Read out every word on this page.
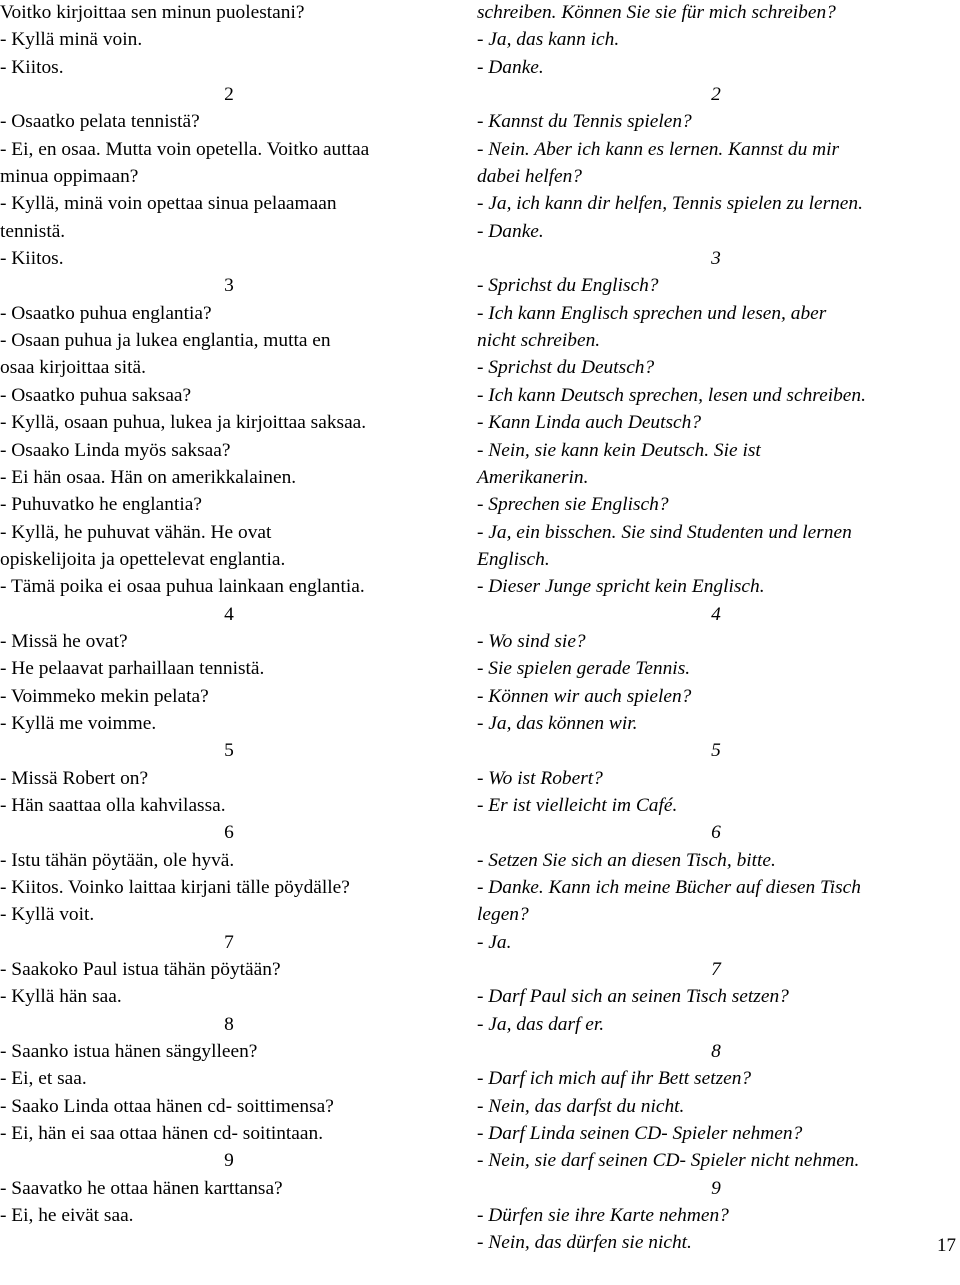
Voitko kirjoittaa sen minun puolestani?
- Kyllä minä voin.
- Kiitos.
2
- Osaatko pelata tennistä?
- Ei, en osaa. Mutta voin opetella. Voitko auttaa
minua oppimaan?
- Kyllä, minä voin opettaa sinua pelaamaan
tennistä.
- Kiitos.
3
- Osaatko puhua englantia?
- Osaan puhua ja lukea englantia, mutta en
osaa kirjoittaa sitä.
- Osaatko puhua saksaa?
- Kyllä, osaan puhua, lukea ja kirjoittaa saksaa.
- Osaako Linda myös saksaa?
- Ei hän osaa. Hän on amerikkalainen.
- Puhuvatko he englantia?
- Kyllä, he puhuvat vähän. He ovat
opiskelijoita ja opettelevat englantia.
- Tämä poika ei osaa puhua lainkaan englantia.
4
- Missä he ovat?
- He pelaavat parhaillaan tennistä.
- Voimmeko mekin pelata?
- Kyllä me voimme.
5
- Missä Robert on?
- Hän saattaa olla kahvilassa.
6
- Istu tähän pöytään, ole hyvä.
- Kiitos. Voinko laittaa kirjani tälle pöydälle?
- Kyllä voit.
7
- Saakoko Paul istua tähän pöytään?
- Kyllä hän saa.
8
- Saanko istua hänen sängylleen?
- Ei, et saa.
- Saako Linda ottaa hänen cd- soittimensa?
- Ei, hän ei saa ottaa hänen cd- soitintaan.
9
- Saavatko he ottaa hänen karttansa?
- Ei, he eivät saa.
schreiben. Können Sie sie für mich schreiben?
- Ja, das kann ich.
- Danke.
2
- Kannst du Tennis spielen?
- Nein. Aber ich kann es lernen. Kannst du mir
dabei helfen?
- Ja, ich kann dir helfen, Tennis spielen zu lernen.
- Danke.
3
- Sprichst du Englisch?
- Ich kann Englisch sprechen und lesen, aber
nicht schreiben.
- Sprichst du Deutsch?
- Ich kann Deutsch sprechen, lesen und schreiben.
- Kann Linda auch Deutsch?
- Nein, sie kann kein Deutsch. Sie ist
Amerikanerin.
- Sprechen sie Englisch?
- Ja, ein bisschen. Sie sind Studenten und lernen
Englisch.
- Dieser Junge spricht kein Englisch.
4
- Wo sind sie?
- Sie spielen gerade Tennis.
- Können wir auch spielen?
- Ja, das können wir.
5
- Wo ist Robert?
- Er ist vielleicht im Café.
6
- Setzen Sie sich an diesen Tisch, bitte.
- Danke. Kann ich meine Bücher auf diesen Tisch
legen?
- Ja.
7
- Darf Paul sich an seinen Tisch setzen?
- Ja, das darf er.
8
- Darf ich mich auf ihr Bett setzen?
- Nein, das darfst du nicht.
- Darf Linda seinen CD- Spieler nehmen?
- Nein, sie darf seinen CD- Spieler nicht nehmen.
9
- Dürfen sie ihre Karte nehmen?
- Nein, das dürfen sie nicht.	17
